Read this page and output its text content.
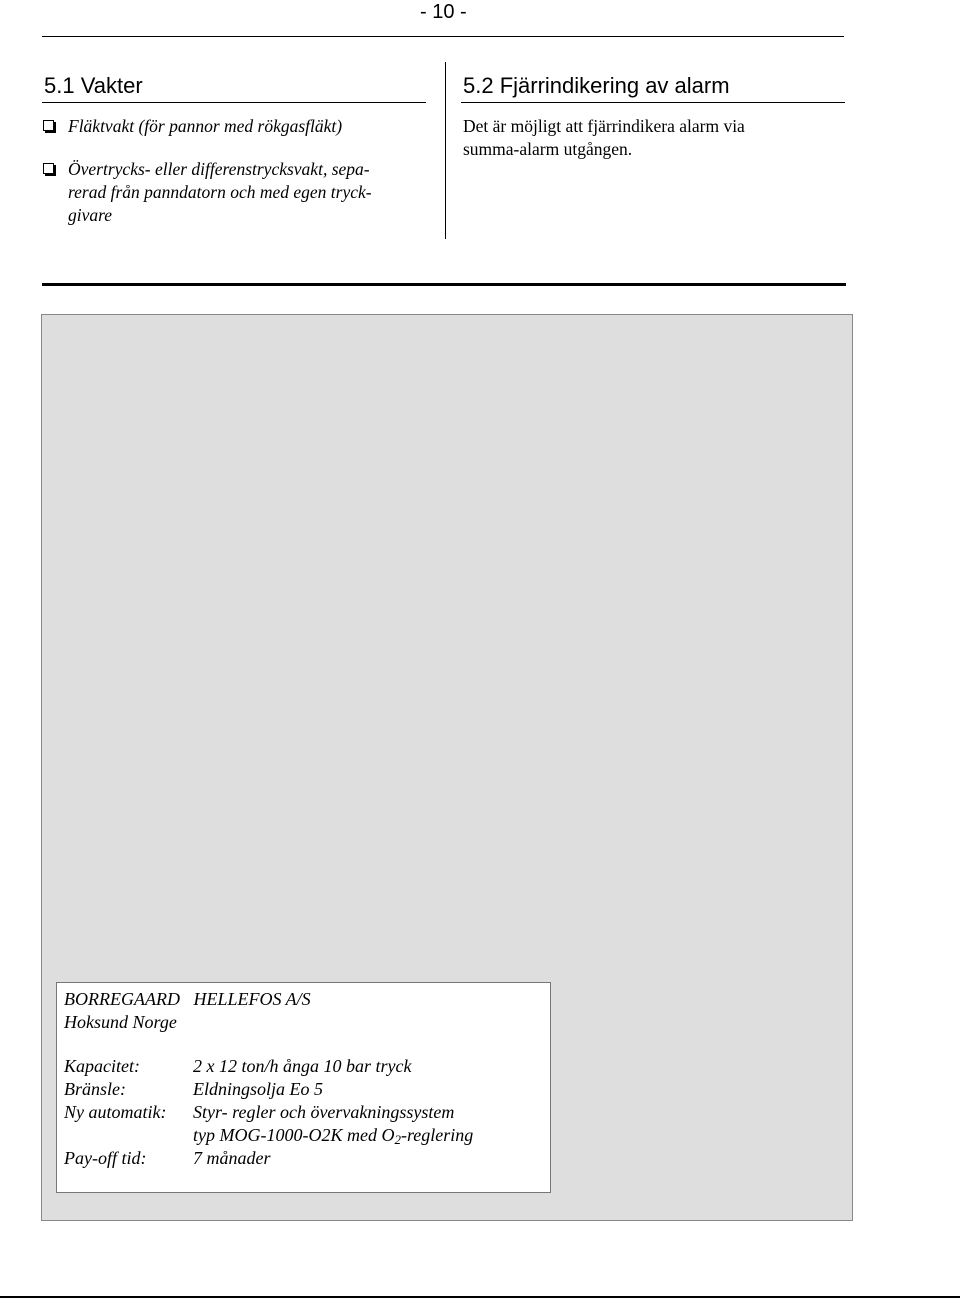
- 10 -
5.1 Vakter
Fläktvakt (för pannor med rökgasfläkt)
Övertrycks- eller differenstrycksvakt, sepa-
rerad från panndatorn och med egen tryck-
givare
5.2 Fjärrindikering av alarm
Det är möjligt att fjärrindikera alarm via
summa-alarm utgången.
BORREGAARD   HELLEFOS A/S
Hoksund Norge
Kapacitet:	2 x 12 ton/h ånga 10 bar tryck
Bränsle:	Eldningsolja Eo 5
Ny automatik: Styr- regler och övervakningssystem
typ MOG-1000-O2K med $O_2$-reglering
Pay-off tid:	7 månader
